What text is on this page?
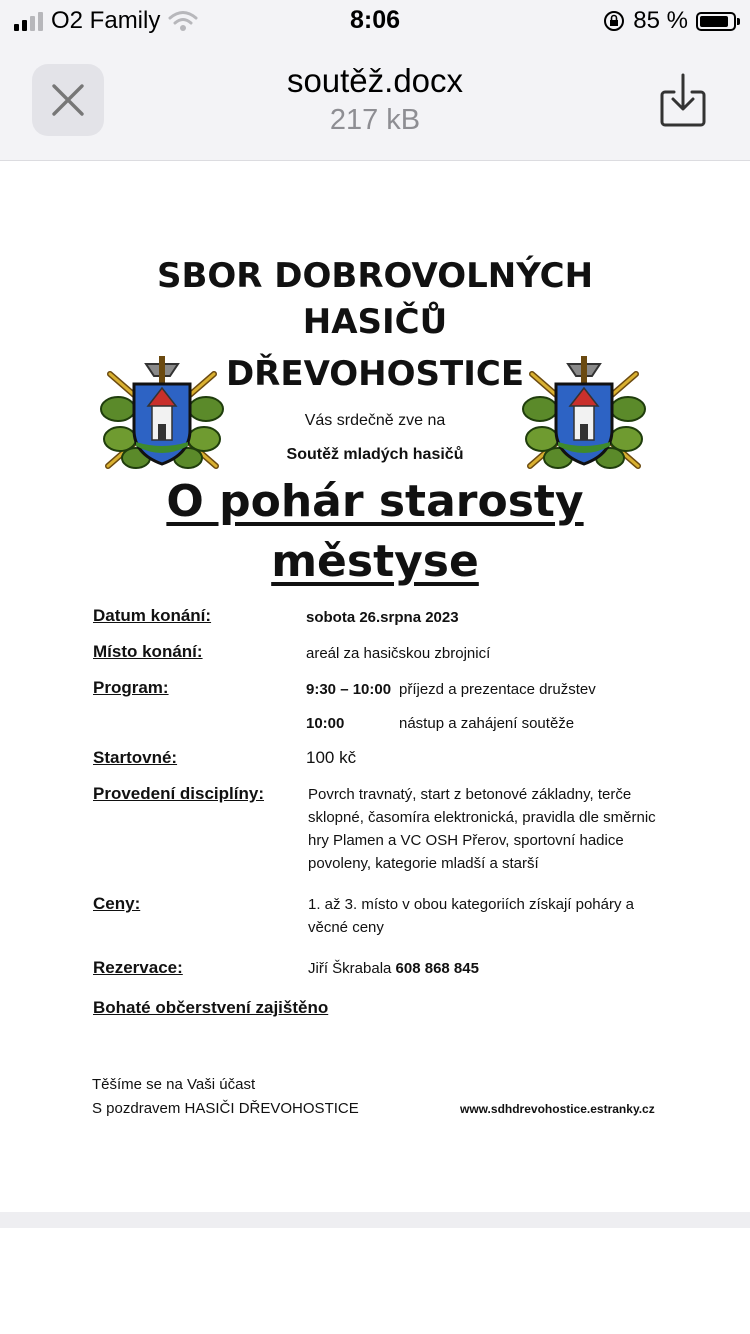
O2 Family	8:06	85 %
soutěž.docx
217 kB
SBOR DOBROVOLNÝCH
HASIČŮ
DŘEVOHOSTICE
Vás srdečně zve na
Soutěž mladých hasičů
O pohár starosty
městyse
Datum konání:	sobota 26.srpna 2023
Místo konání:	areál za hasičskou zbrojnicí
Program:	9:30 – 10:00 příjezd a prezentace družstev
10:00	nástup a zahájení soutěže
Startovné:	100 kč
Provedení disciplíny:	Povrch travnatý, start z betonové základny, terče sklopné, časomíra elektronická, pravidla dle směrnic hry Plamen a VC OSH Přerov, sportovní hadice povoleny, kategorie mladší a starší
Ceny:	1. až 3. místo v obou kategoriích získají poháry a věcné ceny
Rezervace:	Jiří Škrabala 608 868 845
Bohaté občerstvení zajištěno
Těšíme se na Vaši účast
S pozdravem HASIČI DŘEVOHOSTICE	www.sdhdrevohostice.estranky.cz
